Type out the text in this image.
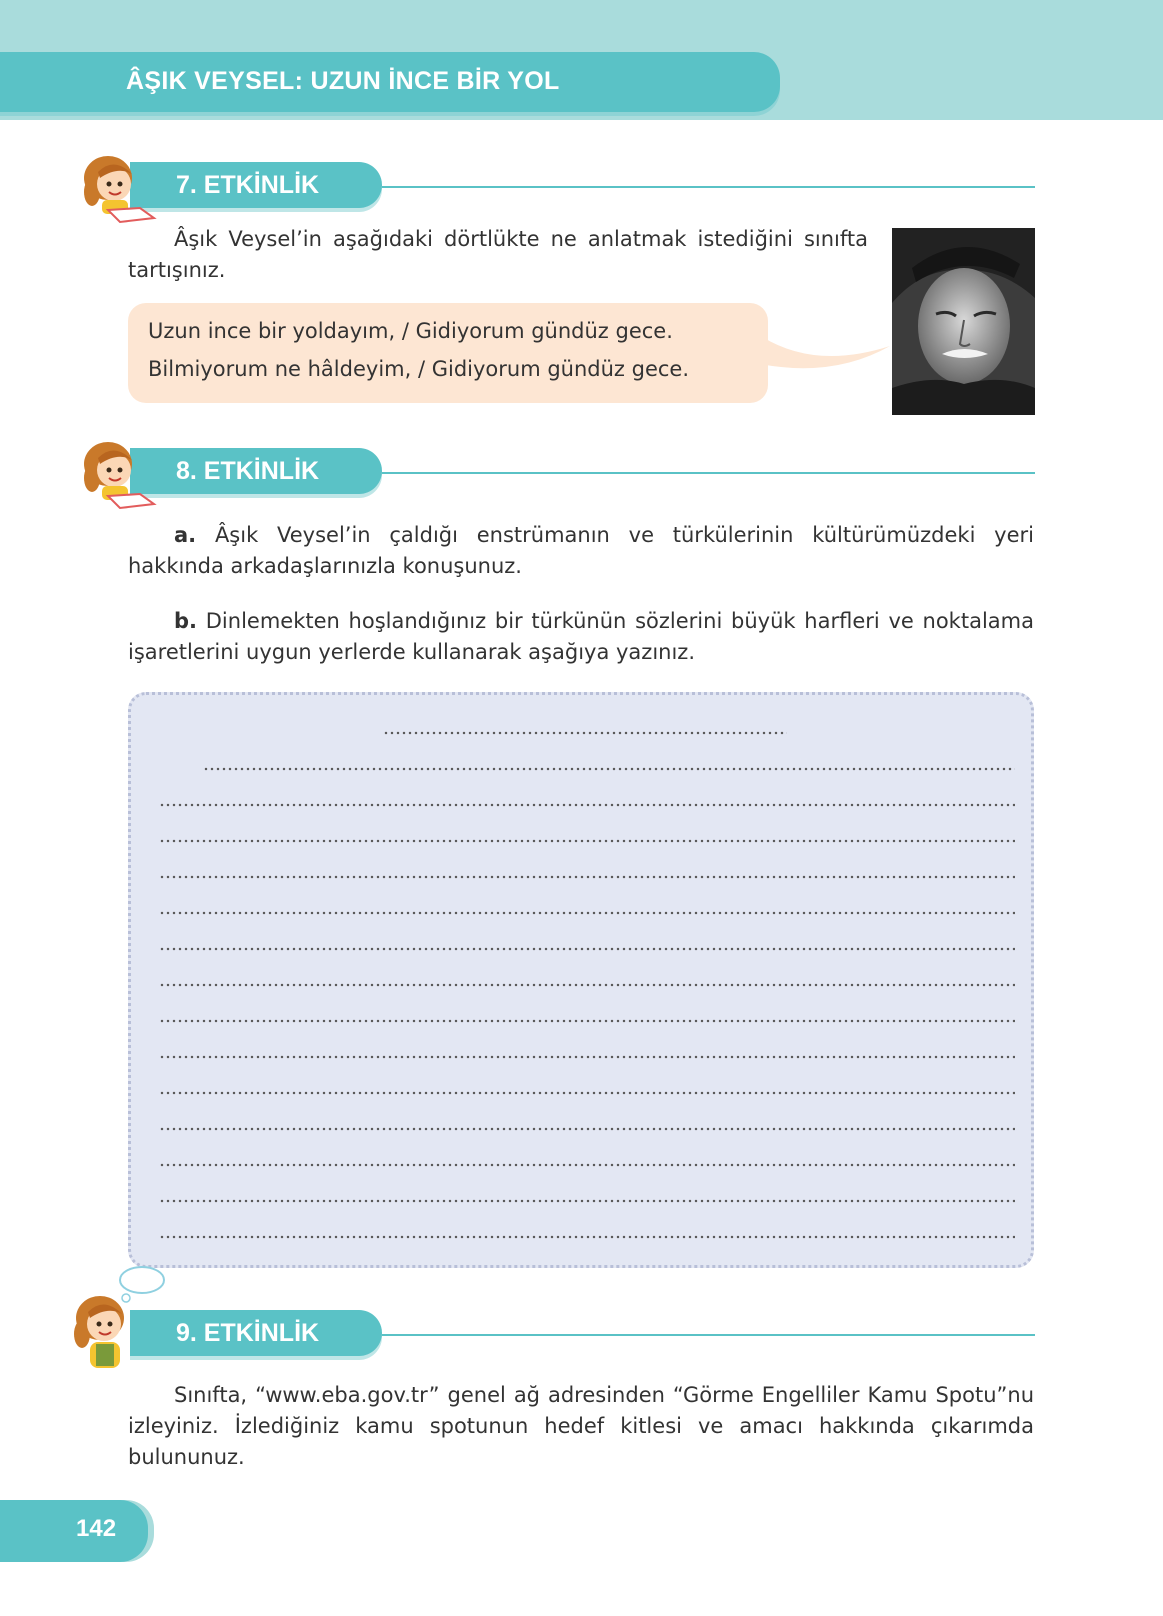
ÂŞIK VEYSEL: UZUN İNCE BİR YOL
7. ETKİNLİK
Âşık Veysel’in aşağıdaki dörtlükte ne anlatmak istediğini sınıfta tartışınız.
Uzun ince bir yoldayım, / Gidiyorum gündüz gece.
Bilmiyorum ne hâldeyim, / Gidiyorum gündüz gece.
8. ETKİNLİK
a. Âşık Veysel’in çaldığı enstrümanın ve türkülerinin kültürümüzdeki yeri hakkında arkadaşlarınızla konuşunuz.
b. Dinlemekten hoşlandığınız bir türkünün sözlerini büyük harfleri ve noktalama işaretlerini uygun yerlerde kullanarak aşağıya yazınız.
9. ETKİNLİK
Sınıfta, “www.eba.gov.tr” genel ağ adresinden “Görme Engelliler Kamu Spotu”nu izleyiniz. İzlediğiniz kamu spotunun hedef kitlesi ve amacı hakkında çıkarımda bulununuz.
142
